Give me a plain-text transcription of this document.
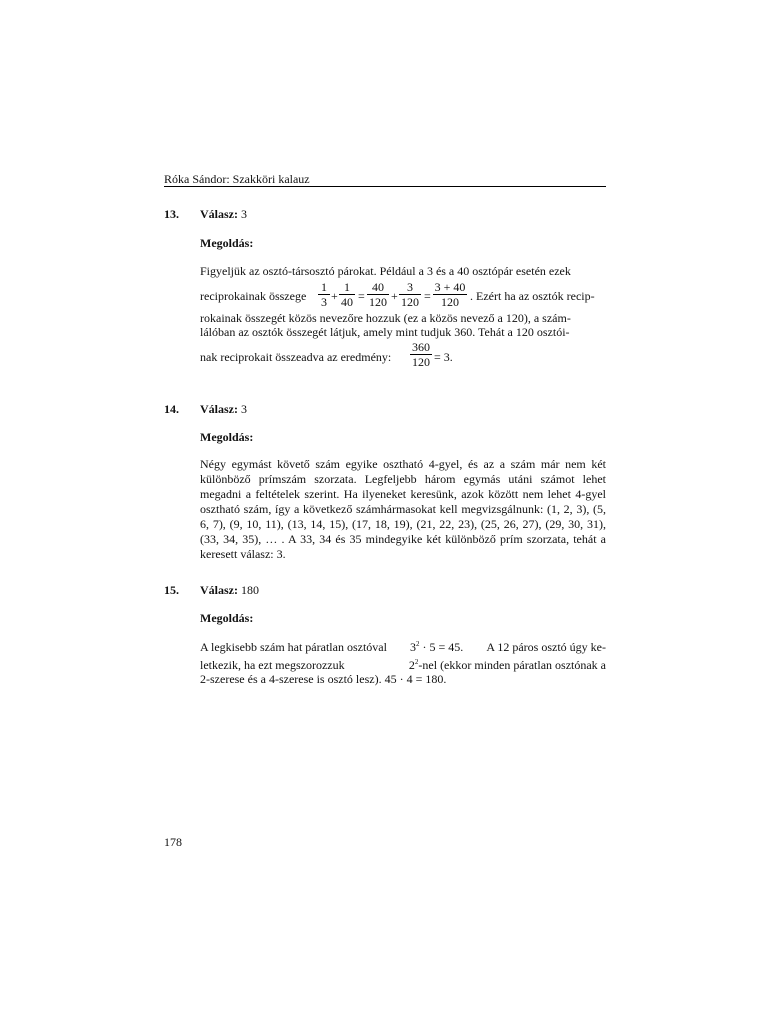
Róka Sándor: Szakköri kalauz
13. Válasz: 3
Megoldás:
Figyeljük az osztó-társosztó párokat. Például a 3 és a 40 osztópár esetén ezek
reciprokainak összege $\frac{1}{3} + \frac{1}{40} = \frac{40}{120} + \frac{3}{120} = \frac{3 + 40}{120}$ . Ezért ha az osztók recip-
rokainak összegét közös nevezőre hozzuk (ez a közös nevező a 120), a szám-
lálóban az osztók összegét látjuk, amely mint tudjuk 360. Tehát a 120 osztói-
nak reciprokait összeadva az eredmény: $\frac{360}{120} = 3$.
14. Válasz: 3
Megoldás:
Négy egymást követő szám egyike osztható 4-gyel, és az a szám már nem két különböző prímszám szorzata. Legfeljebb három egymás utáni számot lehet megadni a feltételek szerint. Ha ilyeneket keresünk, azok között nem lehet 4-gyel osztható szám, így a következő számhármasokat kell megvizsgálnunk: (1, 2, 3), (5, 6, 7), (9, 10, 11), (13, 14, 15), (17, 18, 19), (21, 22, 23), (25, 26, 27), (29, 30, 31), (33, 34, 35), … . A 33, 34 és 35 mindegyike két különböző prím szorzata, tehát a keresett válasz: 3.
15. Válasz: 180
Megoldás:
A legkisebb szám hat páratlan osztóval $3^2 \cdot 5 = 45$. A 12 páros osztó úgy ke-
letkezik, ha ezt megszorozzuk	$2^2$-nel (ekkor minden páratlan osztónak a
2-szerese és a 4-szerese is osztó lesz). 45 · 4 = 180.
178
